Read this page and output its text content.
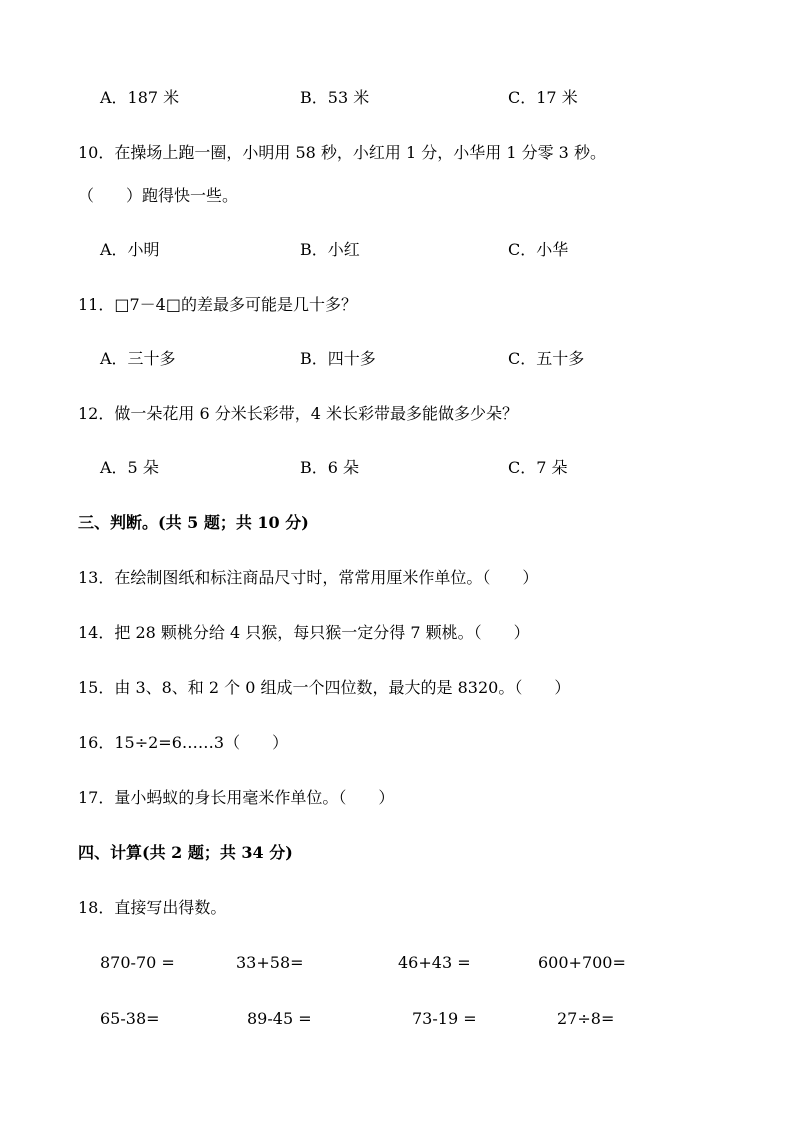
A．187 米	B．53 米	C．17 米
10．在操场上跑一圈，小明用 58 秒，小红用 1 分，小华用 1 分零 3 秒。
（　　）跑得快一些。
A．小明	B．小红	C．小华
11．□7－4□的差最多可能是几十多？
A．三十多	B．四十多	C．五十多
12．做一朵花用 6 分米长彩带，4 米长彩带最多能做多少朵？
A．5 朵	B．6 朵	C．7 朵
三、判断。(共 5 题；共 10 分)
13．在绘制图纸和标注商品尺寸时，常常用厘米作单位。（　　）
14．把 28 颗桃分给 4 只猴，每只猴一定分得 7 颗桃。（　　）
15．由 3、8、和 2 个 0 组成一个四位数，最大的是 8320。（　　）
16．15÷2=6……3（　　）
17．量小蚂蚁的身长用毫米作单位。（　　）
四、计算(共 2 题；共 34 分)
18．直接写出得数。
870-70 =	33+58=	46+43 =	600+700=
65-38=	89-45 =	73-19 =	27÷8=
